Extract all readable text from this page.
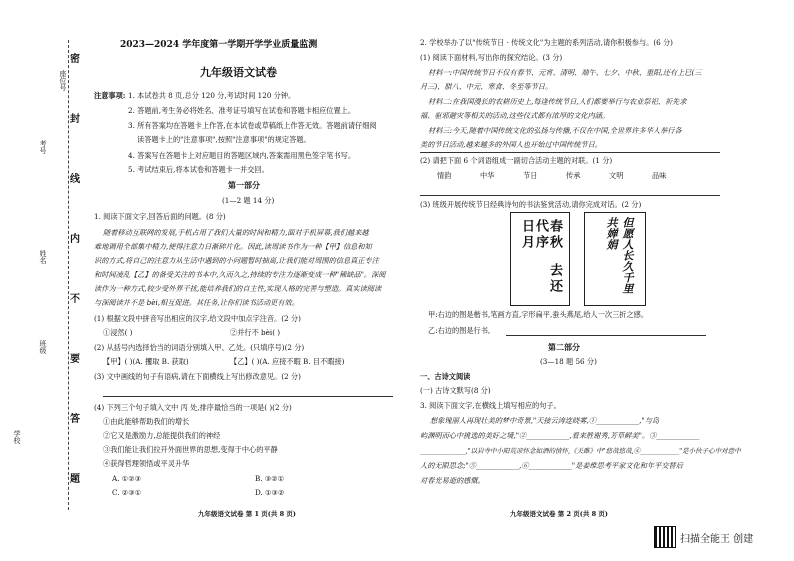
学校
班级
姓名
考号
座位号
密
封
线
内
不
要
答
题
2023—2024 学年度第一学期开学学业质量监测
九年级语文试卷
注意事项: 1. 本试卷共 8 页,总分 120 分,考试时间 120 分钟。
2. 答题前,考生务必将姓名、准考证号填写在试卷和答题卡相应位置上。
3. 所有答案均在答题卡上作答,在本试卷或草稿纸上作答无效。答题前请仔细阅
读答题卡上的"注意事项",按照"注意事项"的规定答题。
4. 答案写在答题卡上对应题目的答题区域内,答案需用黑色签字笔书写。
5. 考试结束后,将本试卷和答题卡一并交回。
第一部分
(1—2 题 14 分)
1. 阅读下面文字,回答后面的问题。(8 分)
随着移动互联网的发展,手机占用了我们大量的时间和精力,面对手机屏幕,我们越来越
难地调用全部集中精力,使得注意力日渐碎片化。因此,读周读书作为一种【甲】信息和知
识的方式,将自己的注意力从生活中遇到的小问题暂时抽离,让我们能对周围的信息真正专注
和时间凌乱【乙】的备受关注的书本中,久而久之,持续的专注力逐渐变成一种"稀缺品"。深阅
读作为一种方式,较少受外界干扰,能培养我们的自主性,实现人格的完善与塑造。真实读阅读
与深阅读并不是 bèi,相互促进。其任务,让你们读书活动更有效。
(1) 根据文段中拼音写出相应的汉字,给文段中加点字注音。(2 分)
①浸然( )	②并行不 bèi( )
(2) 从括号内选择恰当的词语分别填入甲、乙处。(只填序号)(2 分)
【甲】( )(A. 攫取 B. 获取)	【乙】( )(A. 应接不暇 B. 目不暇接)
(3) 文中画线的句子有语病,请在下面横线上写出修改意见。(2 分)
(4) 下列三个句子填入文中 丙 处,排序最恰当的一项是( )(2 分)
①由此能够帮助我们的增长
②它又是激励力,总能提供我们的神经
③我们能让我们拉开外面世界的思想,变得于中心的平静
④获得哲理领悟或平灵升华
A. ①②③	B. ③②①
C. ②③①	D. ①③②
九年级语文试卷 第 1 页(共 8 页)
2. 学校举办了以"传统节日 · 传统文化"为主题的系列活动,请你积极参与。(6 分)
(1) 阅读下面材料,写出你的探究结论。(3 分)
材料一:中国传统节日不仅有春节、元宵、清明、端午、七夕、中秋、重阳,还有上巳(三
月三)、腊八、中元、寒食、冬至等节日。
材料二:在我国漫长的农耕历史上,每逢传统节日,人们都要举行与农业祭祀、祈先求
福、驱邪避灾等相关的活动,这些仪式都有浓厚的文化内涵。
材料三:今天,随着中国传统文化的弘扬与传播,不仅在中国,全世界许多华人举行各
类的节日活动,越来越多的外国人也开始过中国传统节日。
(2) 请把下面 6 个词语组成一副切合活动主题的对联。(1 分)
情韵	中华	节日	传承	文明	品味
(3) 班级开展传统节日经典诗句的书法鉴赏活动,请你完成对话。(2 分)
春秋
代序
日月
去还	但愿人长久千里共婵娟
甲:右边的图是楷书,笔画方直,字形扁平,蚕头燕尾,给人一次三折之感。
乙:右边的图是行书,
第二部分
(3—18 题 56 分)
一、古诗文阅读
(一) 古诗文默写(8 分)
3. 阅读下面文字,在横线上填写相应的句子。
想象瑰丽人再现壮美的梦中奇景,"天接云涛连晓雾,①____________,"与岛
屿渊明而心中挑选的美好之境,"②____________,看来胜谢秀,芳草鲜美"。③____________
______________,"以岩寺中小阳荒凉怀念如酒的情怀,《关雎》中"悠哉悠哉,④____________"是小伙子心中对意中
人的无限思念;"⑤____________,⑥____________"是姜维思考平家文化和年平交替后
对春光易逝的感慨。
九年级语文试卷 第 2 页(共 8 页)
扫描全能王 创建
